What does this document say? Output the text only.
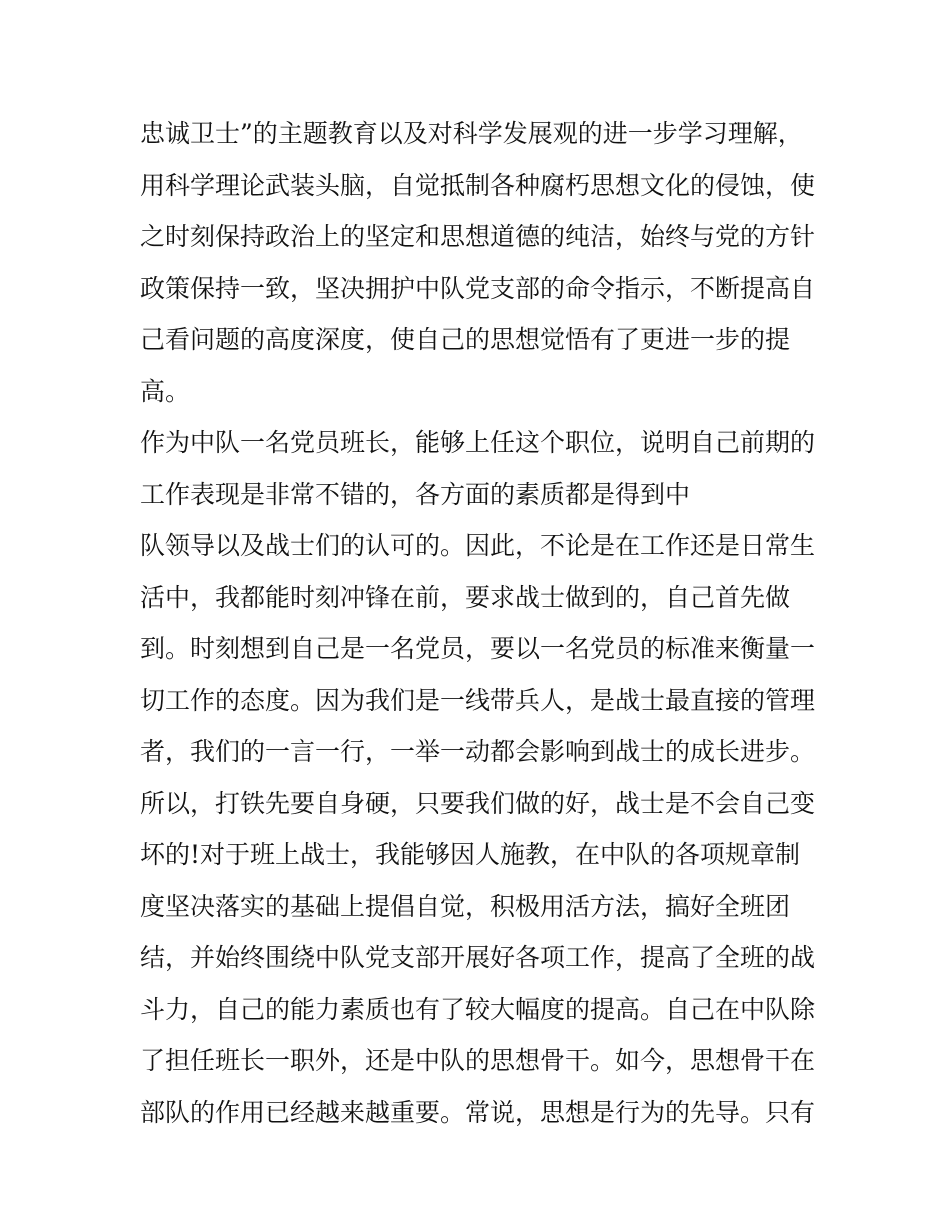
忠诚卫士”的主题教育以及对科学发展观的进一步学习理解，
用科学理论武装头脑，自觉抵制各种腐朽思想文化的侵蚀，使
之时刻保持政治上的坚定和思想道德的纯洁，始终与党的方针
政策保持一致，坚决拥护中队党支部的命令指示，不断提高自
己看问题的高度深度，使自己的思想觉悟有了更进一步的提
高。
作为中队一名党员班长，能够上任这个职位，说明自己前期的
工作表现是非常不错的，各方面的素质都是得到中
队领导以及战士们的认可的。因此，不论是在工作还是日常生
活中，我都能时刻冲锋在前，要求战士做到的，自己首先做
到。时刻想到自己是一名党员，要以一名党员的标准来衡量一
切工作的态度。因为我们是一线带兵人，是战士最直接的管理
者，我们的一言一行，一举一动都会影响到战士的成长进步。
所以，打铁先要自身硬，只要我们做的好，战士是不会自己变
坏的!对于班上战士，我能够因人施教，在中队的各项规章制
度坚决落实的基础上提倡自觉，积极用活方法，搞好全班团
结，并始终围绕中队党支部开展好各项工作，提高了全班的战
斗力，自己的能力素质也有了较大幅度的提高。自己在中队除
了担任班长一职外，还是中队的思想骨干。如今，思想骨干在
部队的作用已经越来越重要。常说，思想是行为的先导。只有
